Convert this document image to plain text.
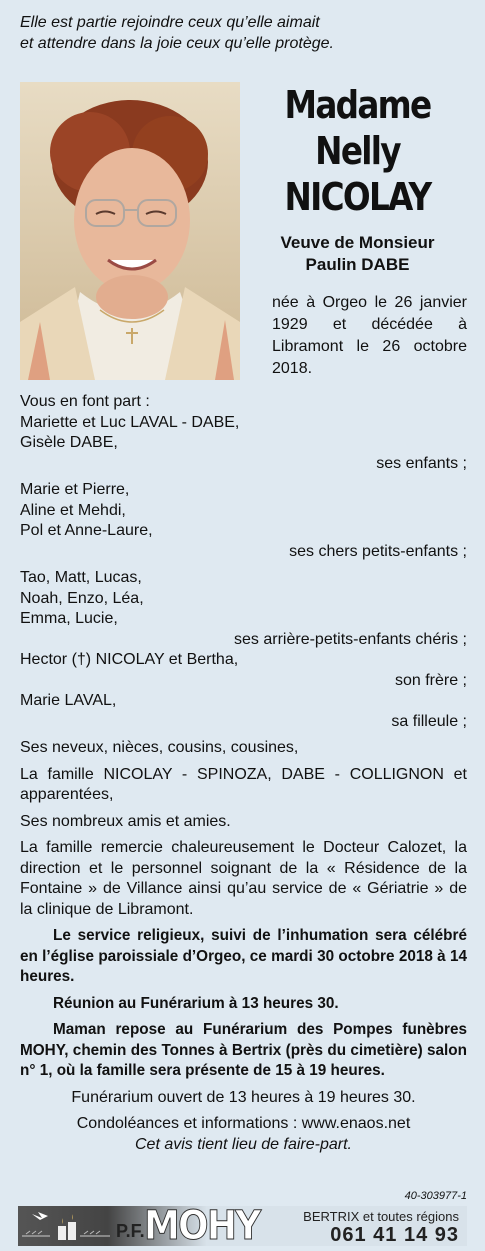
Elle est partie rejoindre ceux qu’elle aimait
et attendre dans la joie ceux qu’elle protège.
Madame
Nelly
NICOLAY
Veuve de Monsieur
Paulin DABE
née à Orgeo le 26 janvier 1929 et décédée à Libramont le 26 octobre 2018.
Vous en font part :
Mariette et Luc LAVAL - DABE,
Gisèle DABE,
ses enfants ;
Marie et Pierre,
Aline et Mehdi,
Pol et Anne-Laure,
ses chers petits-enfants ;
Tao, Matt, Lucas,
Noah, Enzo, Léa,
Emma, Lucie,
ses arrière-petits-enfants chéris ;
Hector (†) NICOLAY et Bertha,
son frère ;
Marie LAVAL,
sa filleule ;
Ses neveux, nièces, cousins, cousines,
La famille NICOLAY - SPINOZA, DABE - COLLIGNON et apparentées,
Ses nombreux amis et amies.
La famille remercie chaleureusement le Docteur Calozet, la direction et le personnel soignant de la « Résidence de la Fontaine » de Villance ainsi qu’au service de « Gériatrie » de la clinique de Libramont.
Le service religieux, suivi de l’inhumation sera célébré en l’église paroissiale d’Orgeo, ce mardi 30 octobre 2018 à 14 heures.
Réunion au Funérarium à 13 heures 30.
Maman repose au Funérarium des Pompes funèbres MOHY, chemin des Tonnes à Bertrix (près du cimetière) salon n° 1, où la famille sera présente de 15 à 19 heures.
Funérarium ouvert de 13 heures à 19 heures 30.
Condoléances et informations : www.enaos.net
Cet avis tient lieu de faire-part.
40-303977-1
P.F. MOHY	BERTRIX et toutes régions
061 41 14 93
